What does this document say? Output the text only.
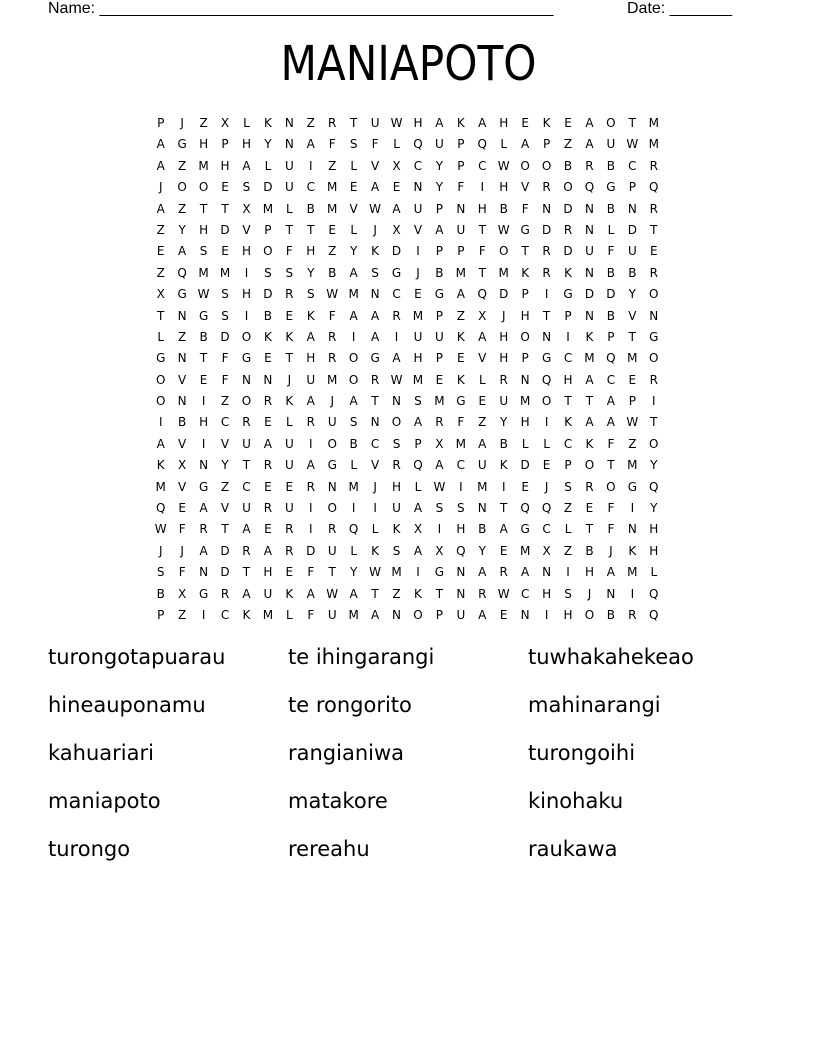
Name: ___________________________________________________

	Date: _______

MANIAPOTO
P J Z X L K N Z R T U W H A K A H E K E A O T M
A G H P H Y N A F S F L Q U P Q L A P Z A U W M
A Z M H A L U I Z L V X C Y P C W O O B R B C R
J O O E S D U C M E A E N Y F I H V R O Q G P Q
A Z T T X M L B M V W A U P N H B F N D N B N R
Z Y H D V P T T E L J X V A U T W G D R N L D T
E A S E H O F H Z Y K D I P P F O T R D U F U E
Z Q M M I S S Y B A S G J B M T M K R K N B B R
X G W S H D R S W M N C E G A Q D P I G D D Y O
T N G S I B E K F A A R M P Z X J H T P N B V N
L Z B D O K K A R I A I U U K A H O N I K P T G
G N T F G E T H R O G A H P E V H P G C M Q M O
O V E F N N J U M O R W M E K L R N Q H A C E R
O N I Z O R K A J A T N S M G E U M O T T A P I
I B H C R E L R U S N O A R F Z Y H I K A A W T
A V I V U A U I O B C S P X M A B L L C K F Z O
K X N Y T R U A G L V R Q A C U K D E P O T M Y
M V G Z C E E R N M J H L W I M I E J S R O G Q
Q E A V U R U I O I I U A S S N T Q Q Z E F I Y
W F R T A E R I R Q L K X I H B A G C L T F N H
J J A D R A R D U L K S A X Q Y E M X Z B J K H
S F N D T H E F T Y W M I G N A R A N I H A M L
B X G R A U K A W A T Z K T N R W C H S J N I Q
P Z I C K M L F U M A N O P U A E N I H O B R Q
turongotapuarau	te ihingarangi	tuwhakahekeao
hineauponamu	te rongorito	mahinarangi
kahuariari	rangianiwa	turongoihi
maniapoto	matakore	kinohaku
turongo	rereahu	raukawa
